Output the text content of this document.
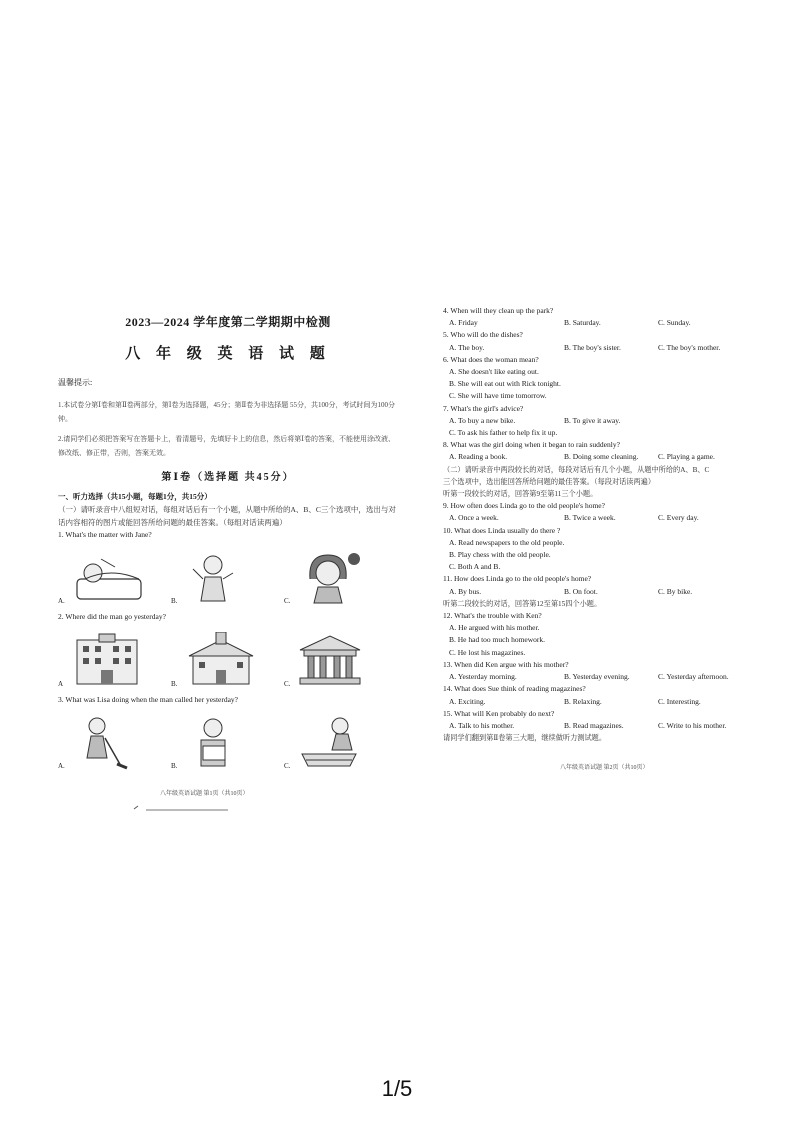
2023—2024 学年度第二学期期中检测
八 年 级 英 语 试 题
温馨提示:
1.本试卷分第Ⅰ卷和第Ⅱ卷两部分，第Ⅰ卷为选择题，45分；第Ⅱ卷为非选择题 55分，共100分，考试时间为100分钟。
2.请同学们必须把答案写在答题卡上，看清题号，先填好卡上的信息，然后将第Ⅰ卷的答案，不能使用涂改液、修改纸、修正带，否则，答案无效。
第Ⅰ卷（选择题 共45分）
一、听力选择（共15小题，每题1分，共15分）
（一）请听录音中八组短对话，每组对话后有一个小题，从题中所给的A、B、C三个选项中，选出与对话内容相符的图片或能回答所给问题的最佳答案。（每组对话读两遍）
1. What's the matter with Jane?
A.	B.	C.
2. Where did the man go yesterday?
A	B.	C.
3. What was Lisa doing when the man called her yesterday?
A.	B.	C.
八年级英语试题 第1页（共10页）
4. When will they clean up the park?
A. Friday	B. Saturday.	C. Sunday.
5. Who will do the dishes?
A. The boy.	B. The boy's sister.	C. The boy's mother.
6. What does the woman mean?
A. She doesn't like eating out.
B. She will eat out with Rick tonight.
C. She will have time tomorrow.
7. What's the girl's advice?
A. To buy a new bike.	B. To give it away.
C. To ask his father to help fix it up.
8. What was the girl doing when it began to rain suddenly?
A. Reading a book.	B. Doing some cleaning.	C. Playing a game.
（二）请听录音中两段较长的对话，每段对话后有几个小题，从题中所给的A、B、C
三个选项中，选出能回答所给问题的最佳答案。（每段对话读两遍）
听第一段较长的对话，回答第9至第11三个小题。
9. How often does Linda go to the old people's home?
A. Once a week.	B. Twice a week.	C. Every day.
10. What does Linda usually do there ?
A. Read newspapers to the old people.
B. Play chess with the old people.
C. Both A and B.
11. How does Linda go to the old people's home?
A. By bus.	B. On foot.	C. By bike.
听第二段较长的对话，回答第12至第15四个小题。
12. What's the trouble with Ken?
A. He argued with his mother.
B. He had too much homework.
C. He lost his magazines.
13. When did Ken argue with his mother?
A. Yesterday morning.	B. Yesterday evening.	C. Yesterday afternoon.
14. What does Sue think of reading magazines?
A. Exciting.	B. Relaxing.	C. Interesting.
15. What will Ken probably do next?
A. Talk to his mother.	B. Read magazines.	C. Write to his mother.
请同学们翻到第Ⅱ卷第三大题，继续做听力测试题。
八年级英语试题 第2页（共10页）
1/5
